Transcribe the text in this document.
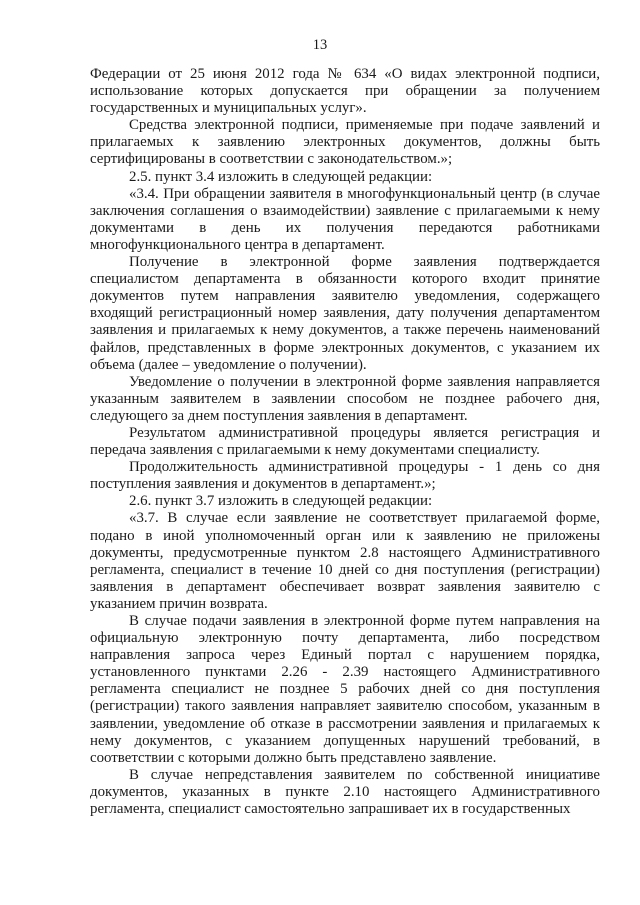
13

Федерации от 25 июня 2012 года № 634 «О видах электронной подписи, использование которых допускается при обращении за получением государственных и муниципальных услуг».

Средства электронной подписи, применяемые при подаче заявлений и прилагаемых к заявлению электронных документов, должны быть сертифицированы в соответствии с законодательством.»;

2.5. пункт 3.4 изложить в следующей редакции:

«3.4. При обращении заявителя в многофункциональный центр (в случае заключения соглашения о взаимодействии) заявление с прилагаемыми к нему документами в день их получения передаются работниками многофункционального центра в департамент.

Получение в электронной форме заявления подтверждается специалистом департамента в обязанности которого входит принятие документов путем направления заявителю уведомления, содержащего входящий регистрационный номер заявления, дату получения департаментом заявления и прилагаемых к нему документов, а также перечень наименований файлов, представленных в форме электронных документов, с указанием их объема (далее – уведомление о получении).

Уведомление о получении в электронной форме заявления направляется указанным заявителем в заявлении способом не позднее рабочего дня, следующего за днем поступления заявления в департамент.

Результатом административной процедуры является регистрация и передача заявления с прилагаемыми к нему документами специалисту.

Продолжительность административной процедуры - 1 день со дня поступления заявления и документов в департамент.»;

2.6. пункт 3.7 изложить в следующей редакции:

«3.7. В случае если заявление не соответствует прилагаемой форме, подано в иной уполномоченный орган или к заявлению не приложены документы, предусмотренные пунктом 2.8 настоящего Административного регламента, специалист в течение 10 дней со дня поступления (регистрации) заявления в департамент обеспечивает возврат заявления заявителю с указанием причин возврата.

В случае подачи заявления в электронной форме путем направления на официальную электронную почту департамента, либо посредством направления запроса через Единый портал с нарушением порядка, установленного пунктами 2.26 - 2.39 настоящего Административного регламента специалист не позднее 5 рабочих дней со дня поступления (регистрации) такого заявления направляет заявителю способом, указанным в заявлении, уведомление об отказе в рассмотрении заявления и прилагаемых к нему документов, с указанием допущенных нарушений требований, в соответствии с которыми должно быть представлено заявление.

В случае непредставления заявителем по собственной инициативе документов, указанных в пункте 2.10 настоящего Административного регламента, специалист самостоятельно запрашивает их в государственных
